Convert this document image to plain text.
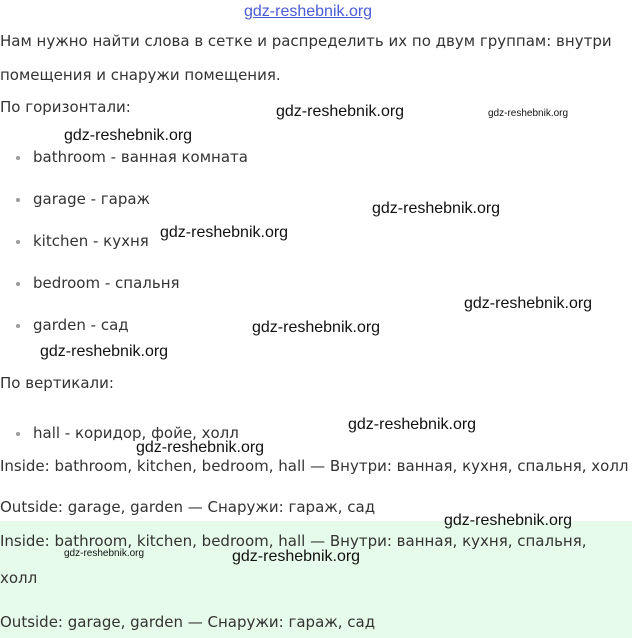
Нам нужно найти слова в сетке и распределить их по двум группам: внутри
помещения и снаружи помещения.
По горизонтали:
bathroom - ванная комната
garage - гараж
kitchen - кухня
bedroom - спальня
garden - сад
По вертикали:
hall - коридор, фойе, холл
Inside: bathroom, kitchen, bedroom, hall — Внутри: ванная, кухня, спальня, холл
Outside: garage, garden — Снаружи: гараж, сад
Inside: bathroom, kitchen, bedroom, hall — Внутри: ванная, кухня, спальня,
холл
Outside: garage, garden — Снаружи: гараж, сад
gdz-reshebnik.org
gdz-reshebnik.org	gdz-reshebnik.org
gdz-reshebnik.org
gdz-reshebnik.org
gdz-reshebnik.org
gdz-reshebnik.org
gdz-reshebnik.org
gdz-reshebnik.org
gdz-reshebnik.org
gdz-reshebnik.org
gdz-reshebnik.org
gdz-reshebnik.org	gdz-reshebnik.org
